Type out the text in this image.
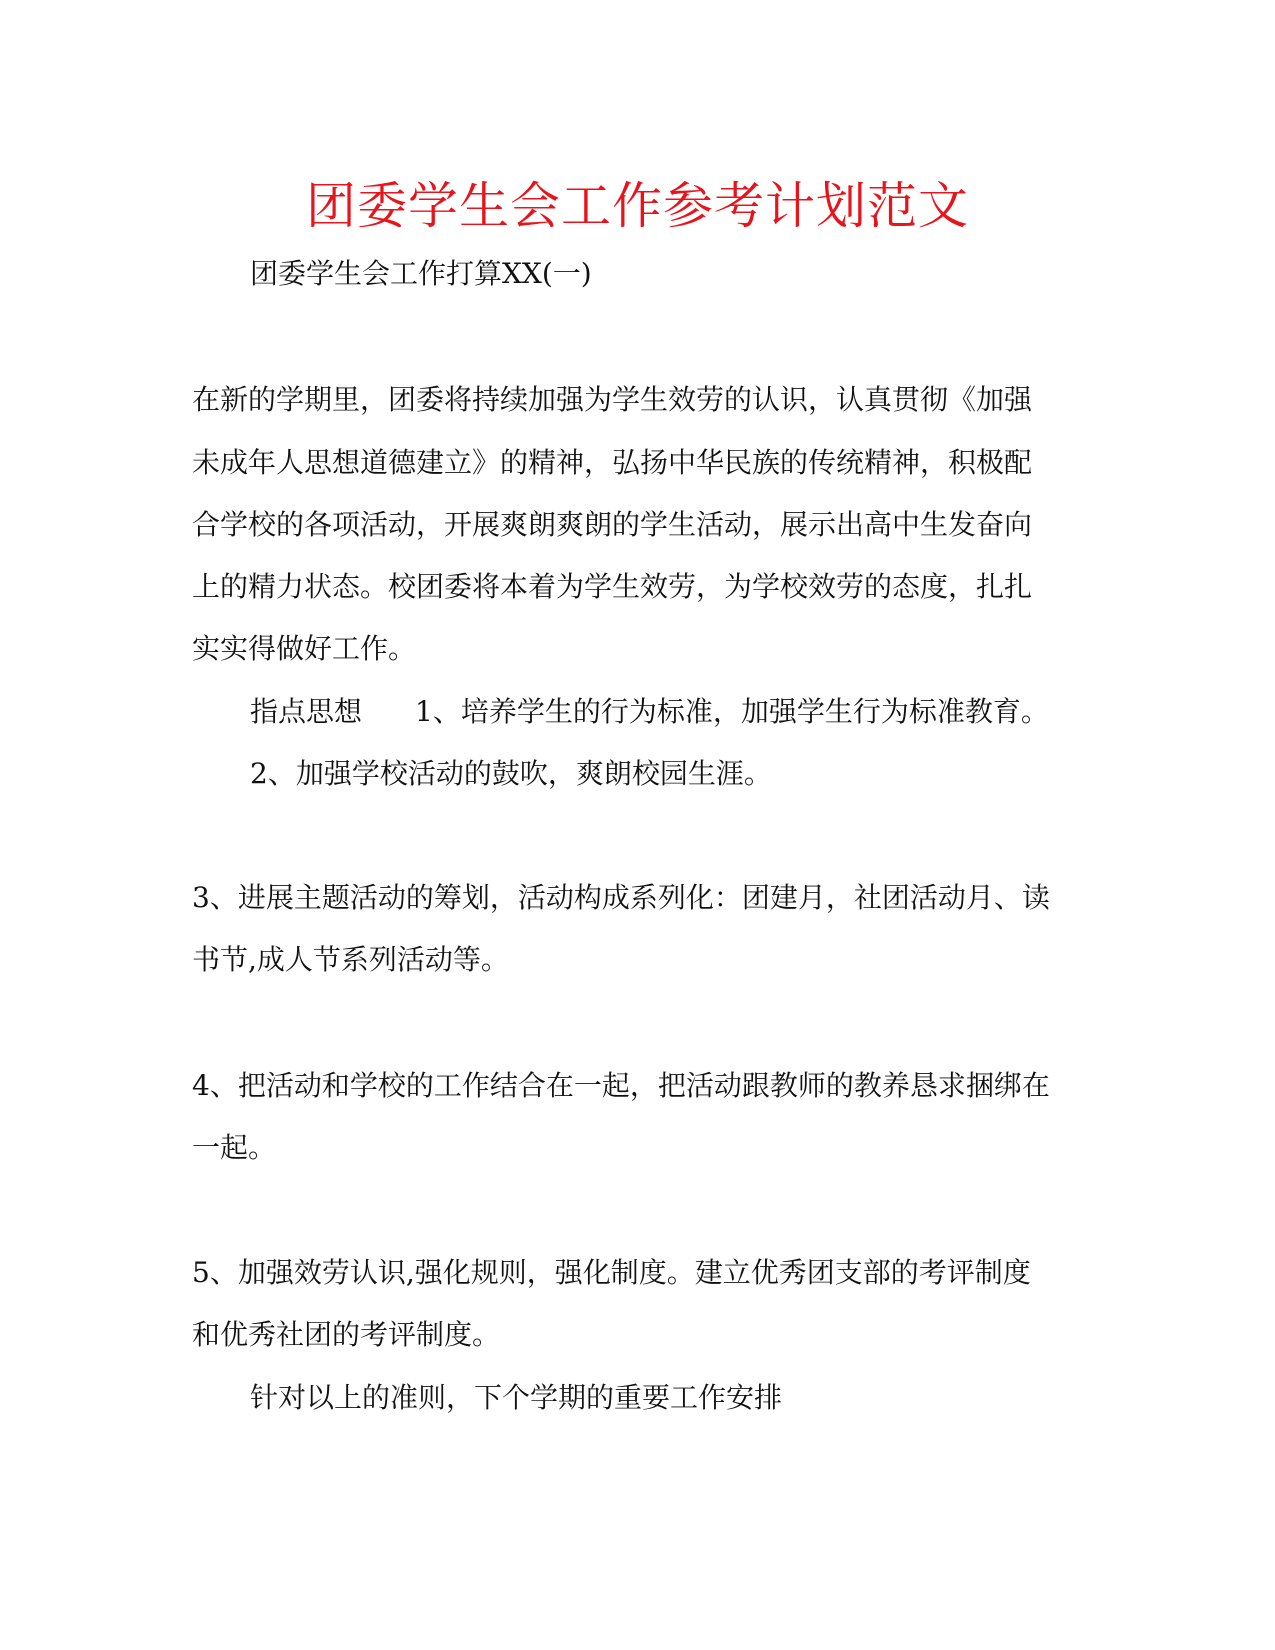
团委学生会工作参考计划范文
团委学生会工作打算XX(一)
在新的学期里，团委将持续加强为学生效劳的认识，认真贯彻《加强
未成年人思想道德建立》的精神，弘扬中华民族的传统精神，积极配
合学校的各项活动，开展爽朗爽朗的学生活动，展示出高中生发奋向
上的精力状态。校团委将本着为学生效劳，为学校效劳的态度，扎扎
实实得做好工作。
指点思想 1、培养学生的行为标准，加强学生行为标准教育。
2、加强学校活动的鼓吹，爽朗校园生涯。
3、进展主题活动的筹划，活动构成系列化：团建月，社团活动月、读
书节,成人节系列活动等。
4、把活动和学校的工作结合在一起，把活动跟教师的教养恳求捆绑在
一起。
5、加强效劳认识,强化规则，强化制度。建立优秀团支部的考评制度
和优秀社团的考评制度。
针对以上的准则，下个学期的重要工作安排
